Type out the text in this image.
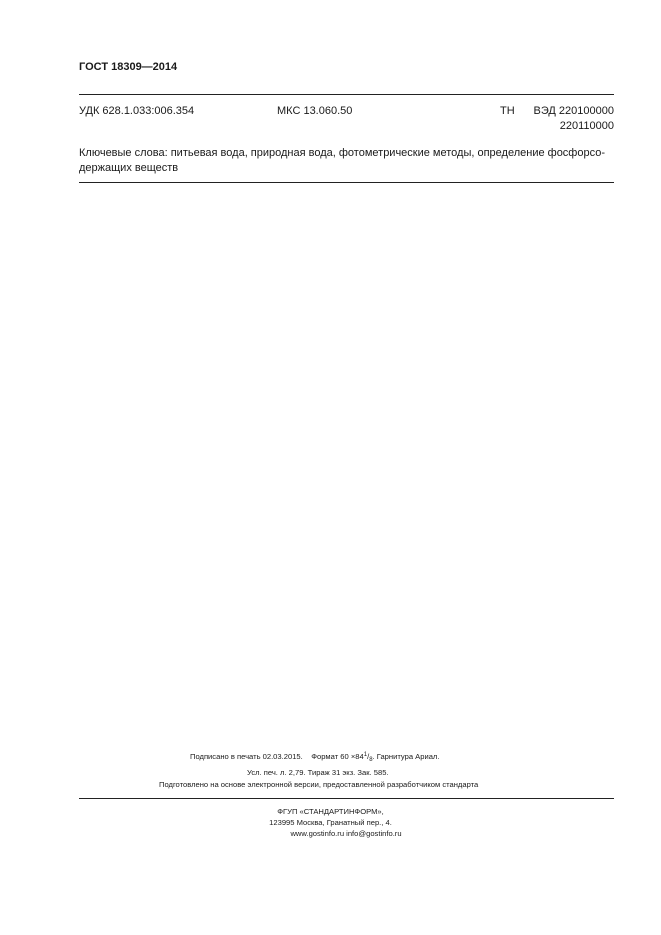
ГОСТ 18309—2014
УДК 628.1.033:006.354	МКС 13.060.50	ТН ВЭД 220100000
220110000
Ключевые слова: питьевая вода, природная вода, фотометрические методы, определение фосфорсо-держащих веществ
Подписано в печать 02.03.2015. Формат $60 \times 84^1/_8$. Гарнитура Ариал.
Усл. печ. л. 2,79. Тираж 31 экз. Зак. 585.
Подготовлено на основе электронной версии, предоставленной разработчиком стандарта
ФГУП «СТАНДАРТИНФОРМ»,
123995 Москва, Гранатный пер., 4.
www.gostinfo.ru info@gostinfo.ru
